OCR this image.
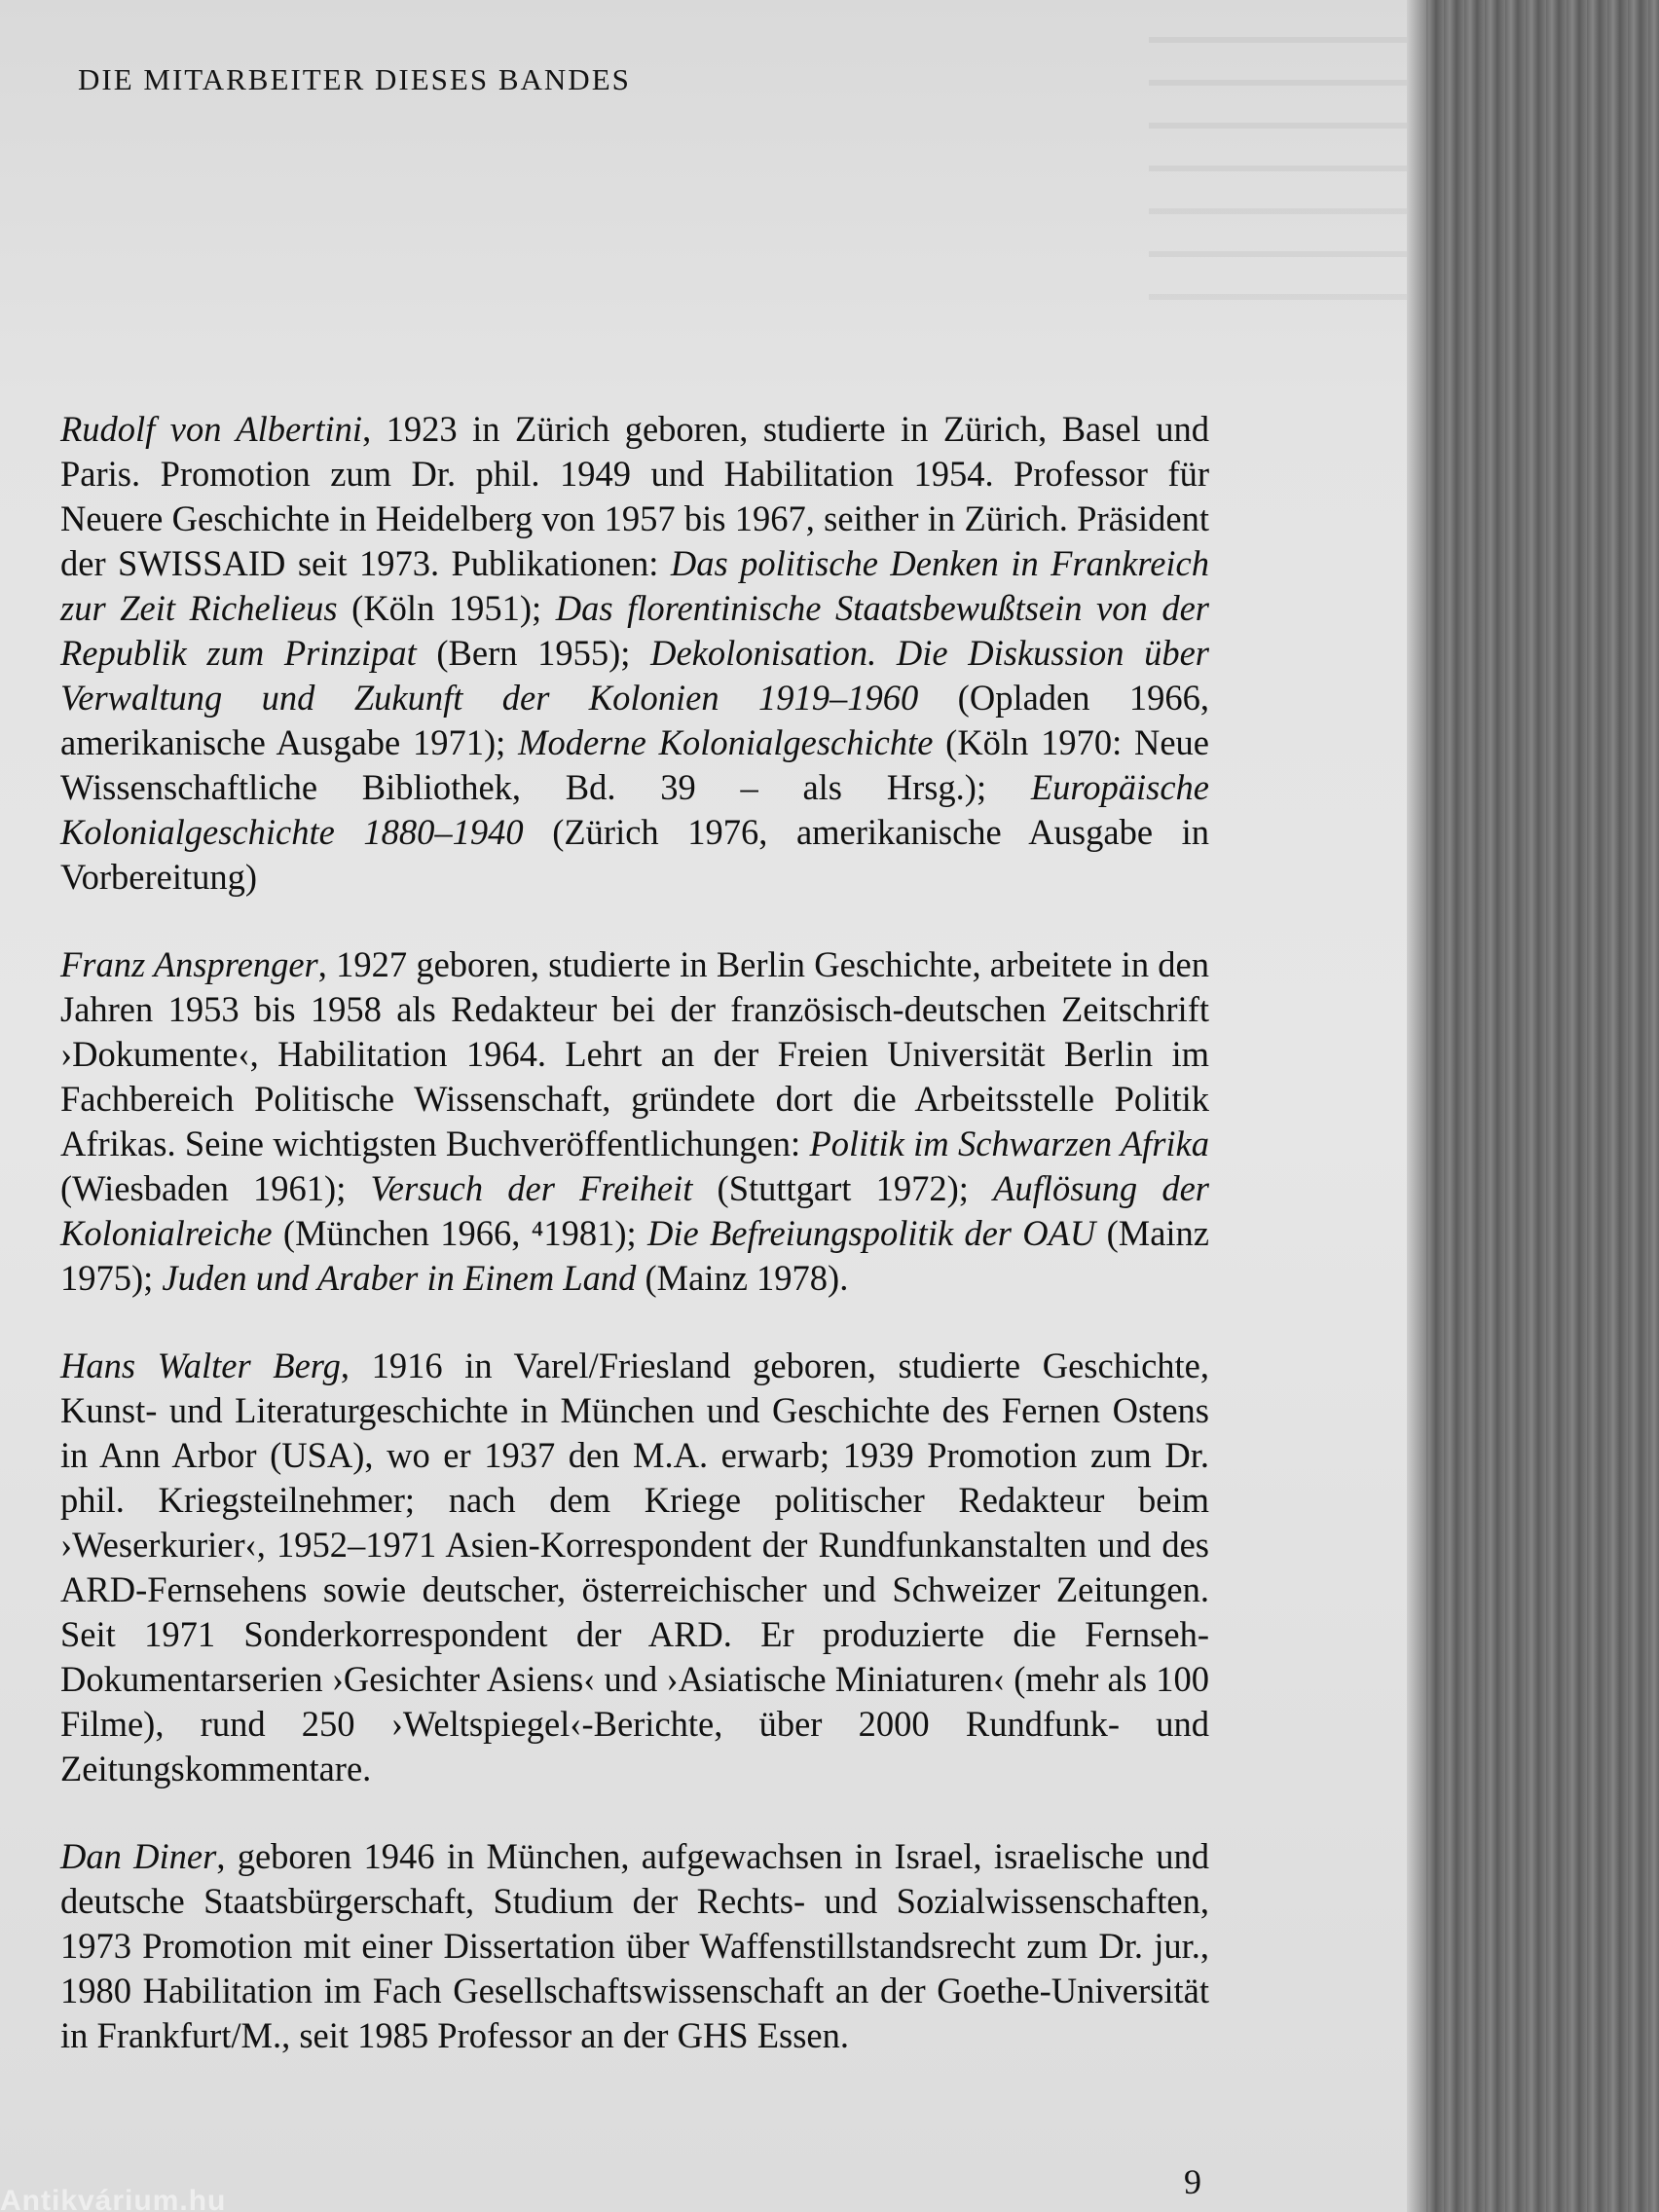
DIE MITARBEITER DIESES BANDES
Rudolf von Albertini, 1923 in Zürich geboren, studierte in Zürich, Basel und Paris. Promotion zum Dr. phil. 1949 und Habilitation 1954. Professor für Neuere Geschichte in Heidelberg von 1957 bis 1967, seither in Zürich. Präsident der SWISSAID seit 1973. Publikationen: Das politische Denken in Frankreich zur Zeit Richelieus (Köln 1951); Das florentinische Staatsbewußtsein von der Republik zum Prinzipat (Bern 1955); Dekolonisation. Die Diskussion über Verwaltung und Zukunft der Kolonien 1919–1960 (Opladen 1966, amerikanische Ausgabe 1971); Moderne Kolonialgeschichte (Köln 1970: Neue Wissenschaftliche Bibliothek, Bd. 39 – als Hrsg.); Europäische Kolonialgeschichte 1880–1940 (Zürich 1976, amerikanische Ausgabe in Vorbereitung)
Franz Ansprenger, 1927 geboren, studierte in Berlin Geschichte, arbeitete in den Jahren 1953 bis 1958 als Redakteur bei der französisch-deutschen Zeitschrift ›Dokumente‹, Habilitation 1964. Lehrt an der Freien Universität Berlin im Fachbereich Politische Wissenschaft, gründete dort die Arbeitsstelle Politik Afrikas. Seine wichtigsten Buchveröffentlichungen: Politik im Schwarzen Afrika (Wiesbaden 1961); Versuch der Freiheit (Stuttgart 1972); Auflösung der Kolonialreiche (München 1966, ⁴1981); Die Befreiungspolitik der OAU (Mainz 1975); Juden und Araber in Einem Land (Mainz 1978).
Hans Walter Berg, 1916 in Varel/Friesland geboren, studierte Geschichte, Kunst- und Literaturgeschichte in München und Geschichte des Fernen Ostens in Ann Arbor (USA), wo er 1937 den M.A. erwarb; 1939 Promotion zum Dr. phil. Kriegsteilnehmer; nach dem Kriege politischer Redakteur beim ›Weserkurier‹, 1952–1971 Asien-Korrespondent der Rundfunkanstalten und des ARD-Fernsehens sowie deutscher, österreichischer und Schweizer Zeitungen. Seit 1971 Sonderkorrespondent der ARD. Er produzierte die Fernseh-Dokumentarserien ›Gesichter Asiens‹ und ›Asiatische Miniaturen‹ (mehr als 100 Filme), rund 250 ›Weltspiegel‹-Berichte, über 2000 Rundfunk- und Zeitungskommentare.
Dan Diner, geboren 1946 in München, aufgewachsen in Israel, israelische und deutsche Staatsbürgerschaft, Studium der Rechts- und Sozialwissenschaften, 1973 Promotion mit einer Dissertation über Waffenstillstandsrecht zum Dr. jur., 1980 Habilitation im Fach Gesellschaftswissenschaft an der Goethe-Universität in Frankfurt/M., seit 1985 Professor an der GHS Essen.
9
Antikvárium.hu
